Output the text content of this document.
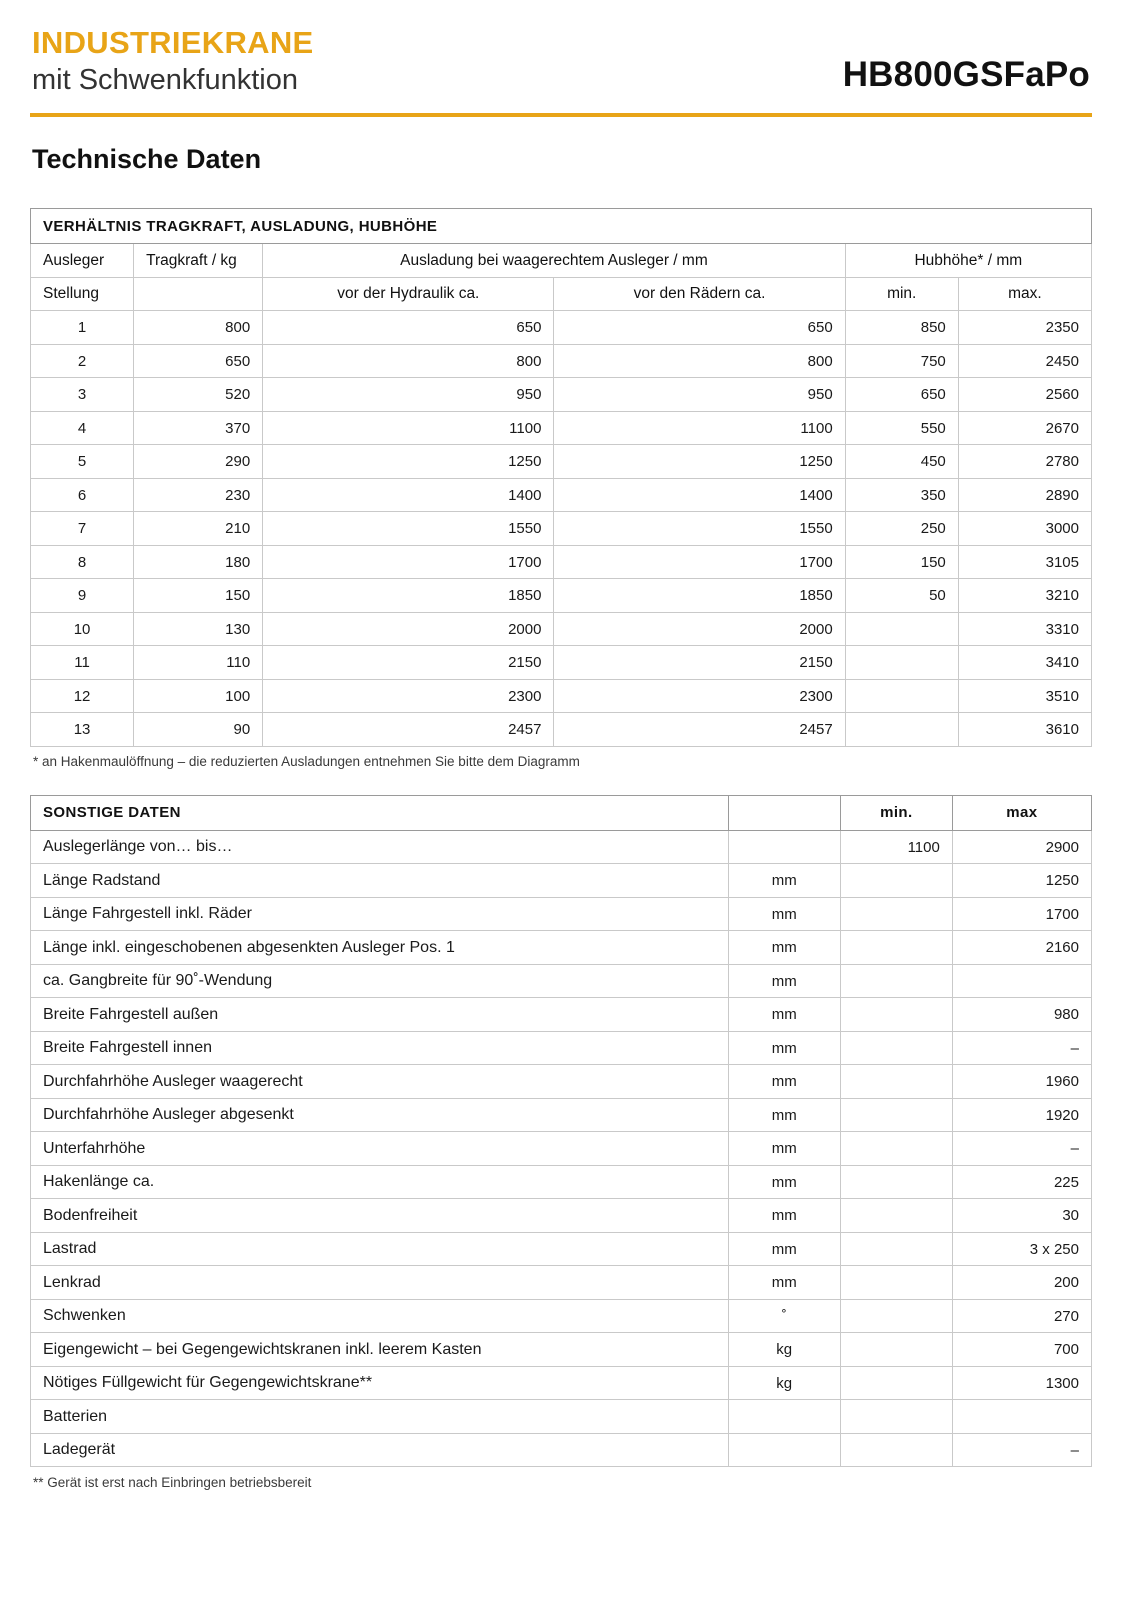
INDUSTRIEKRANE
mit Schwenkfunktion	HB800GSFaPo
Technische Daten
VERHÄLTNIS TRAGKRAFT, AUSLADUNG, HUBHÖHE					
Ausleger	Tragkraft / kg	Ausladung bei waagerechtem Ausleger / mm		Hubhöhe* / mm	
Stellung		vor der Hydraulik ca.	vor den Rädern ca.	min.	max.
1	800	650	650	850	2350
2	650	800	800	750	2450
3	520	950	950	650	2560
4	370	1100	1100	550	2670
5	290	1250	1250	450	2780
6	230	1400	1400	350	2890
7	210	1550	1550	250	3000
8	180	1700	1700	150	3105
9	150	1850	1850	50	3210
10	130	2000	2000		3310
11	110	2150	2150		3410
12	100	2300	2300		3510
13	90	2457	2457		3610
* an Hakenmaulöffnung – die reduzierten Ausladungen entnehmen Sie bitte dem Diagramm
SONSTIGE DATEN		min.	max
Auslegerlänge von… bis…		1100	2900
Länge Radstand	mm		1250
Länge Fahrgestell inkl. Räder	mm		1700
Länge inkl. eingeschobenen abgesenkten Ausleger Pos. 1	mm		2160
ca. Gangbreite für 90˚-Wendung	mm		
Breite Fahrgestell außen	mm		980
Breite Fahrgestell innen	mm		–
Durchfahrhöhe Ausleger waagerecht	mm		1960
Durchfahrhöhe Ausleger abgesenkt	mm		1920
Unterfahrhöhe	mm		–
Hakenlänge ca.	mm		225
Bodenfreiheit	mm		30
Lastrad	mm		3 x 250
Lenkrad	mm		200
Schwenken	˚		270
Eigengewicht – bei Gegengewichtskranen inkl. leerem Kasten	kg		700
Nötiges Füllgewicht für Gegengewichtskrane**	kg		1300
Batterien			
Ladegerät			–
** Gerät ist erst nach Einbringen betriebsbereit
